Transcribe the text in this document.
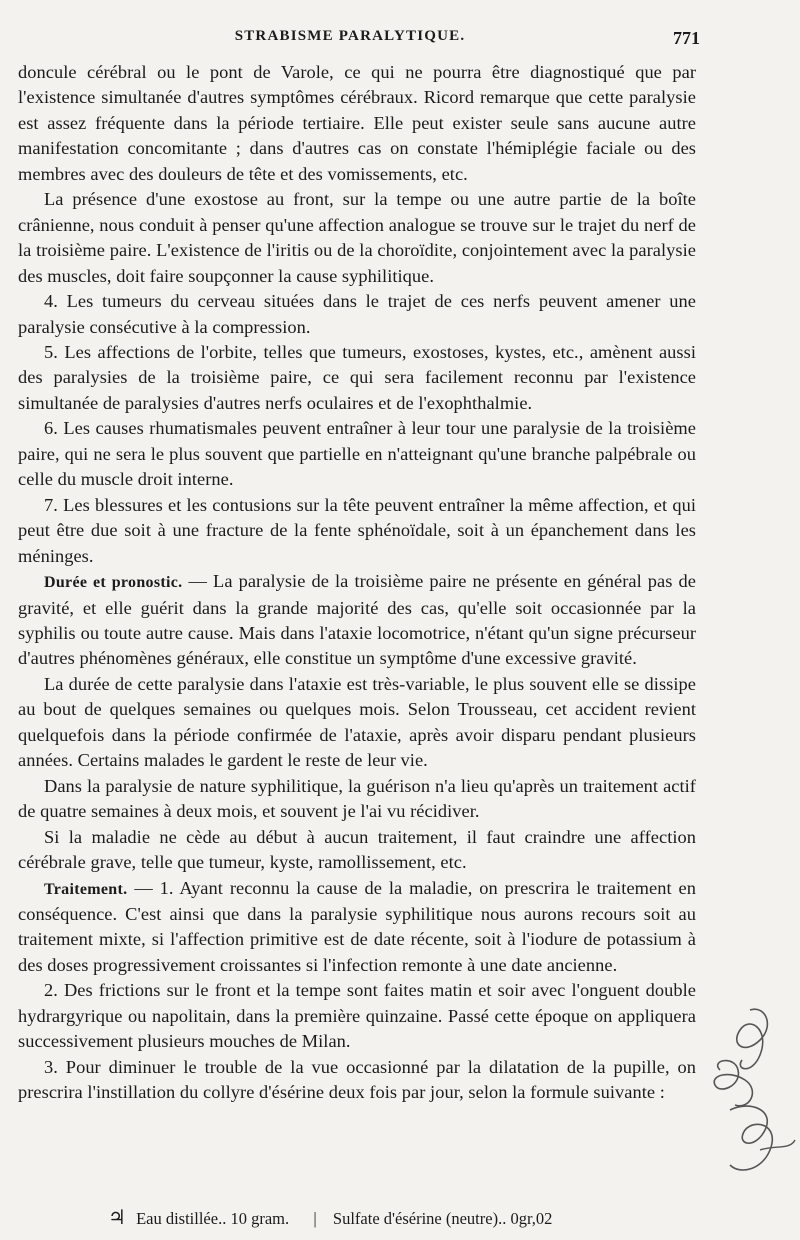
STRABISME PARALYTIQUE.	771

doncule cérébral ou le pont de Varole, ce qui ne pourra être diagnostiqué que par l'existence simultanée d'autres symptômes cérébraux. Ricord remarque que cette paralysie est assez fréquente dans la période tertiaire. Elle peut exister seule sans aucune autre manifestation concomitante ; dans d'autres cas on constate l'hémiplégie faciale ou des membres avec des douleurs de tête et des vomissements, etc.

La présence d'une exostose au front, sur la tempe ou une autre partie de la boîte crânienne, nous conduit à penser qu'une affection analogue se trouve sur le trajet du nerf de la troisième paire. L'existence de l'iritis ou de la choroïdite, conjointement avec la paralysie des muscles, doit faire soupçonner la cause syphilitique.

4. Les tumeurs du cerveau situées dans le trajet de ces nerfs peuvent amener une paralysie consécutive à la compression.

5. Les affections de l'orbite, telles que tumeurs, exostoses, kystes, etc., amènent aussi des paralysies de la troisième paire, ce qui sera facilement reconnu par l'existence simultanée de paralysies d'autres nerfs oculaires et de l'exophthalmie.

6. Les causes rhumatismales peuvent entraîner à leur tour une paralysie de la troisième paire, qui ne sera le plus souvent que partielle en n'atteignant qu'une branche palpébrale ou celle du muscle droit interne.

7. Les blessures et les contusions sur la tête peuvent entraîner la même affection, et qui peut être due soit à une fracture de la fente sphénoïdale, soit à un épanchement dans les méninges.

Durée et pronostic. — La paralysie de la troisième paire ne présente en général pas de gravité, et elle guérit dans la grande majorité des cas, qu'elle soit occasionnée par la syphilis ou toute autre cause. Mais dans l'ataxie locomotrice, n'étant qu'un signe précurseur d'autres phénomènes généraux, elle constitue un symptôme d'une excessive gravité.

La durée de cette paralysie dans l'ataxie est très-variable, le plus souvent elle se dissipe au bout de quelques semaines ou quelques mois. Selon Trousseau, cet accident revient quelquefois dans la période confirmée de l'ataxie, après avoir disparu pendant plusieurs années. Certains malades le gardent le reste de leur vie.

Dans la paralysie de nature syphilitique, la guérison n'a lieu qu'après un traitement actif de quatre semaines à deux mois, et souvent je l'ai vu récidiver.

Si la maladie ne cède au début à aucun traitement, il faut craindre une affection cérébrale grave, telle que tumeur, kyste, ramollissement, etc.

Traitement. — 1. Ayant reconnu la cause de la maladie, on prescrira le traitement en conséquence. C'est ainsi que dans la paralysie syphilitique nous aurons recours soit au traitement mixte, si l'affection primitive est de date récente, soit à l'iodure de potassium à des doses progressivement croissantes si l'infection remonte à une date ancienne.

2. Des frictions sur le front et la tempe sont faites matin et soir avec l'onguent double hydrargyrique ou napolitain, dans la première quinzaine. Passé cette époque on appliquera successivement plusieurs mouches de Milan.

3. Pour diminuer le trouble de la vue occasionné par la dilatation de la pupille, on prescrira l'instillation du collyre d'ésérine deux fois par jour, selon la formule suivante :

♃ Eau distillée.. 10 gram. | Sulfate d'ésérine (neutre).. 0gr,02
